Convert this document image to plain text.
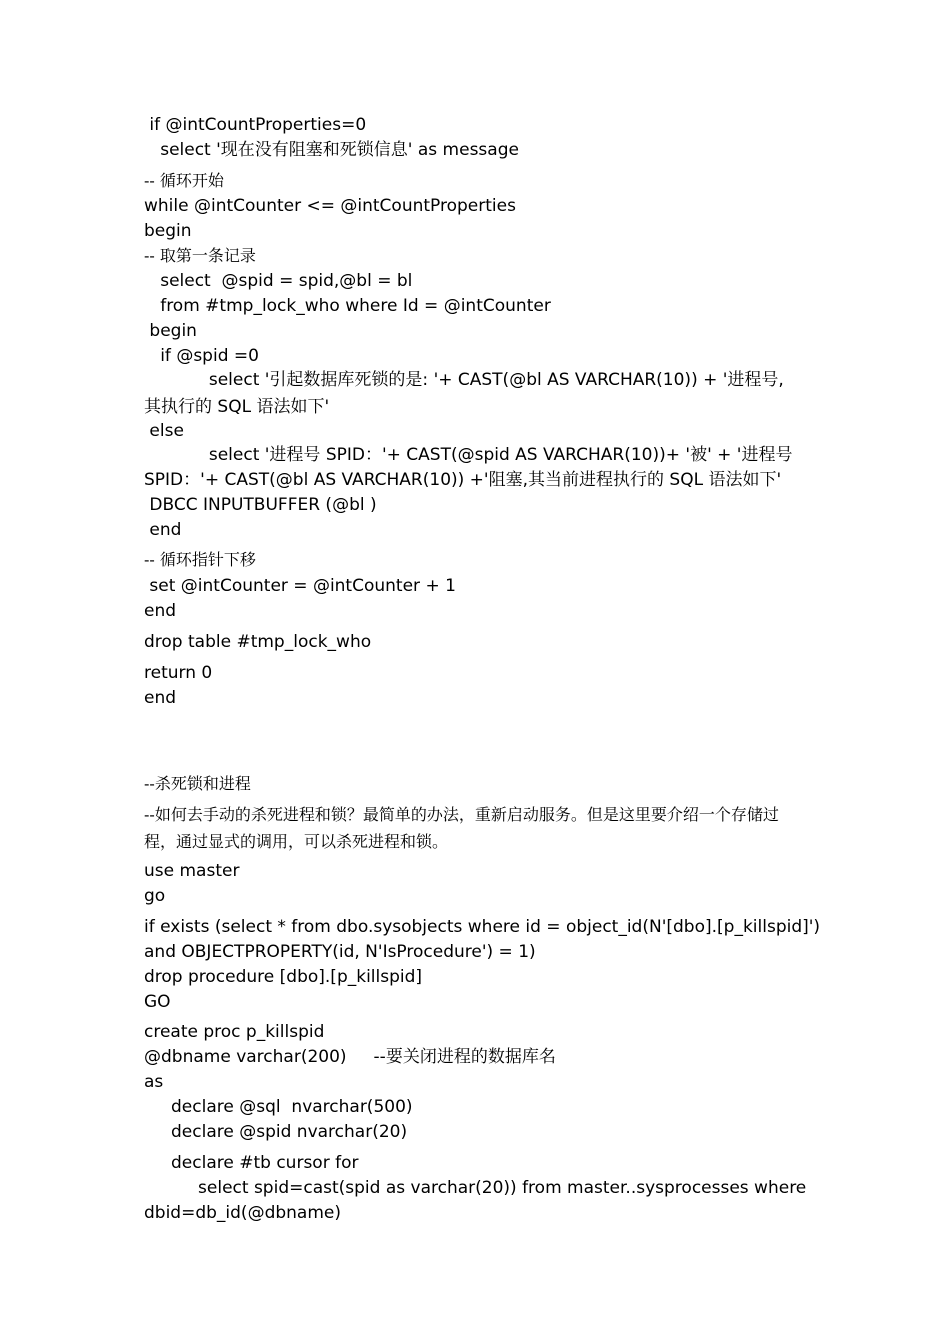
if @intCountProperties=0
select '现在没有阻塞和死锁信息' as message
-- 循环开始
while @intCounter <= @intCountProperties
begin
-- 取第一条记录
select  @spid = spid,@bl = bl
from #tmp_lock_who where Id = @intCounter
begin
if @spid =0
select '引起数据库死锁的是: '+ CAST(@bl AS VARCHAR(10)) + '进程号,
其执行的 SQL 语法如下'
else
select '进程号 SPID：'+ CAST(@spid AS VARCHAR(10))+ '被' + '进程号
SPID：'+ CAST(@bl AS VARCHAR(10)) +'阻塞,其当前进程执行的 SQL 语法如下'
DBCC INPUTBUFFER (@bl )
end
-- 循环指针下移
set @intCounter = @intCounter + 1
end
drop table #tmp_lock_who
return 0
end
--杀死锁和进程
--如何去手动的杀死进程和锁？最简单的办法，重新启动服务。但是这里要介绍一个存储过
程，通过显式的调用，可以杀死进程和锁。
use master
go
if exists (select * from dbo.sysobjects where id = object_id(N'[dbo].[p_killspid]')
and OBJECTPROPERTY(id, N'IsProcedure') = 1)
drop procedure [dbo].[p_killspid]
GO
create proc p_killspid
@dbname varchar(200)     --要关闭进程的数据库名
as
declare @sql  nvarchar(500)
declare @spid nvarchar(20)
declare #tb cursor for
select spid=cast(spid as varchar(20)) from master..sysprocesses where
dbid=db_id(@dbname)
